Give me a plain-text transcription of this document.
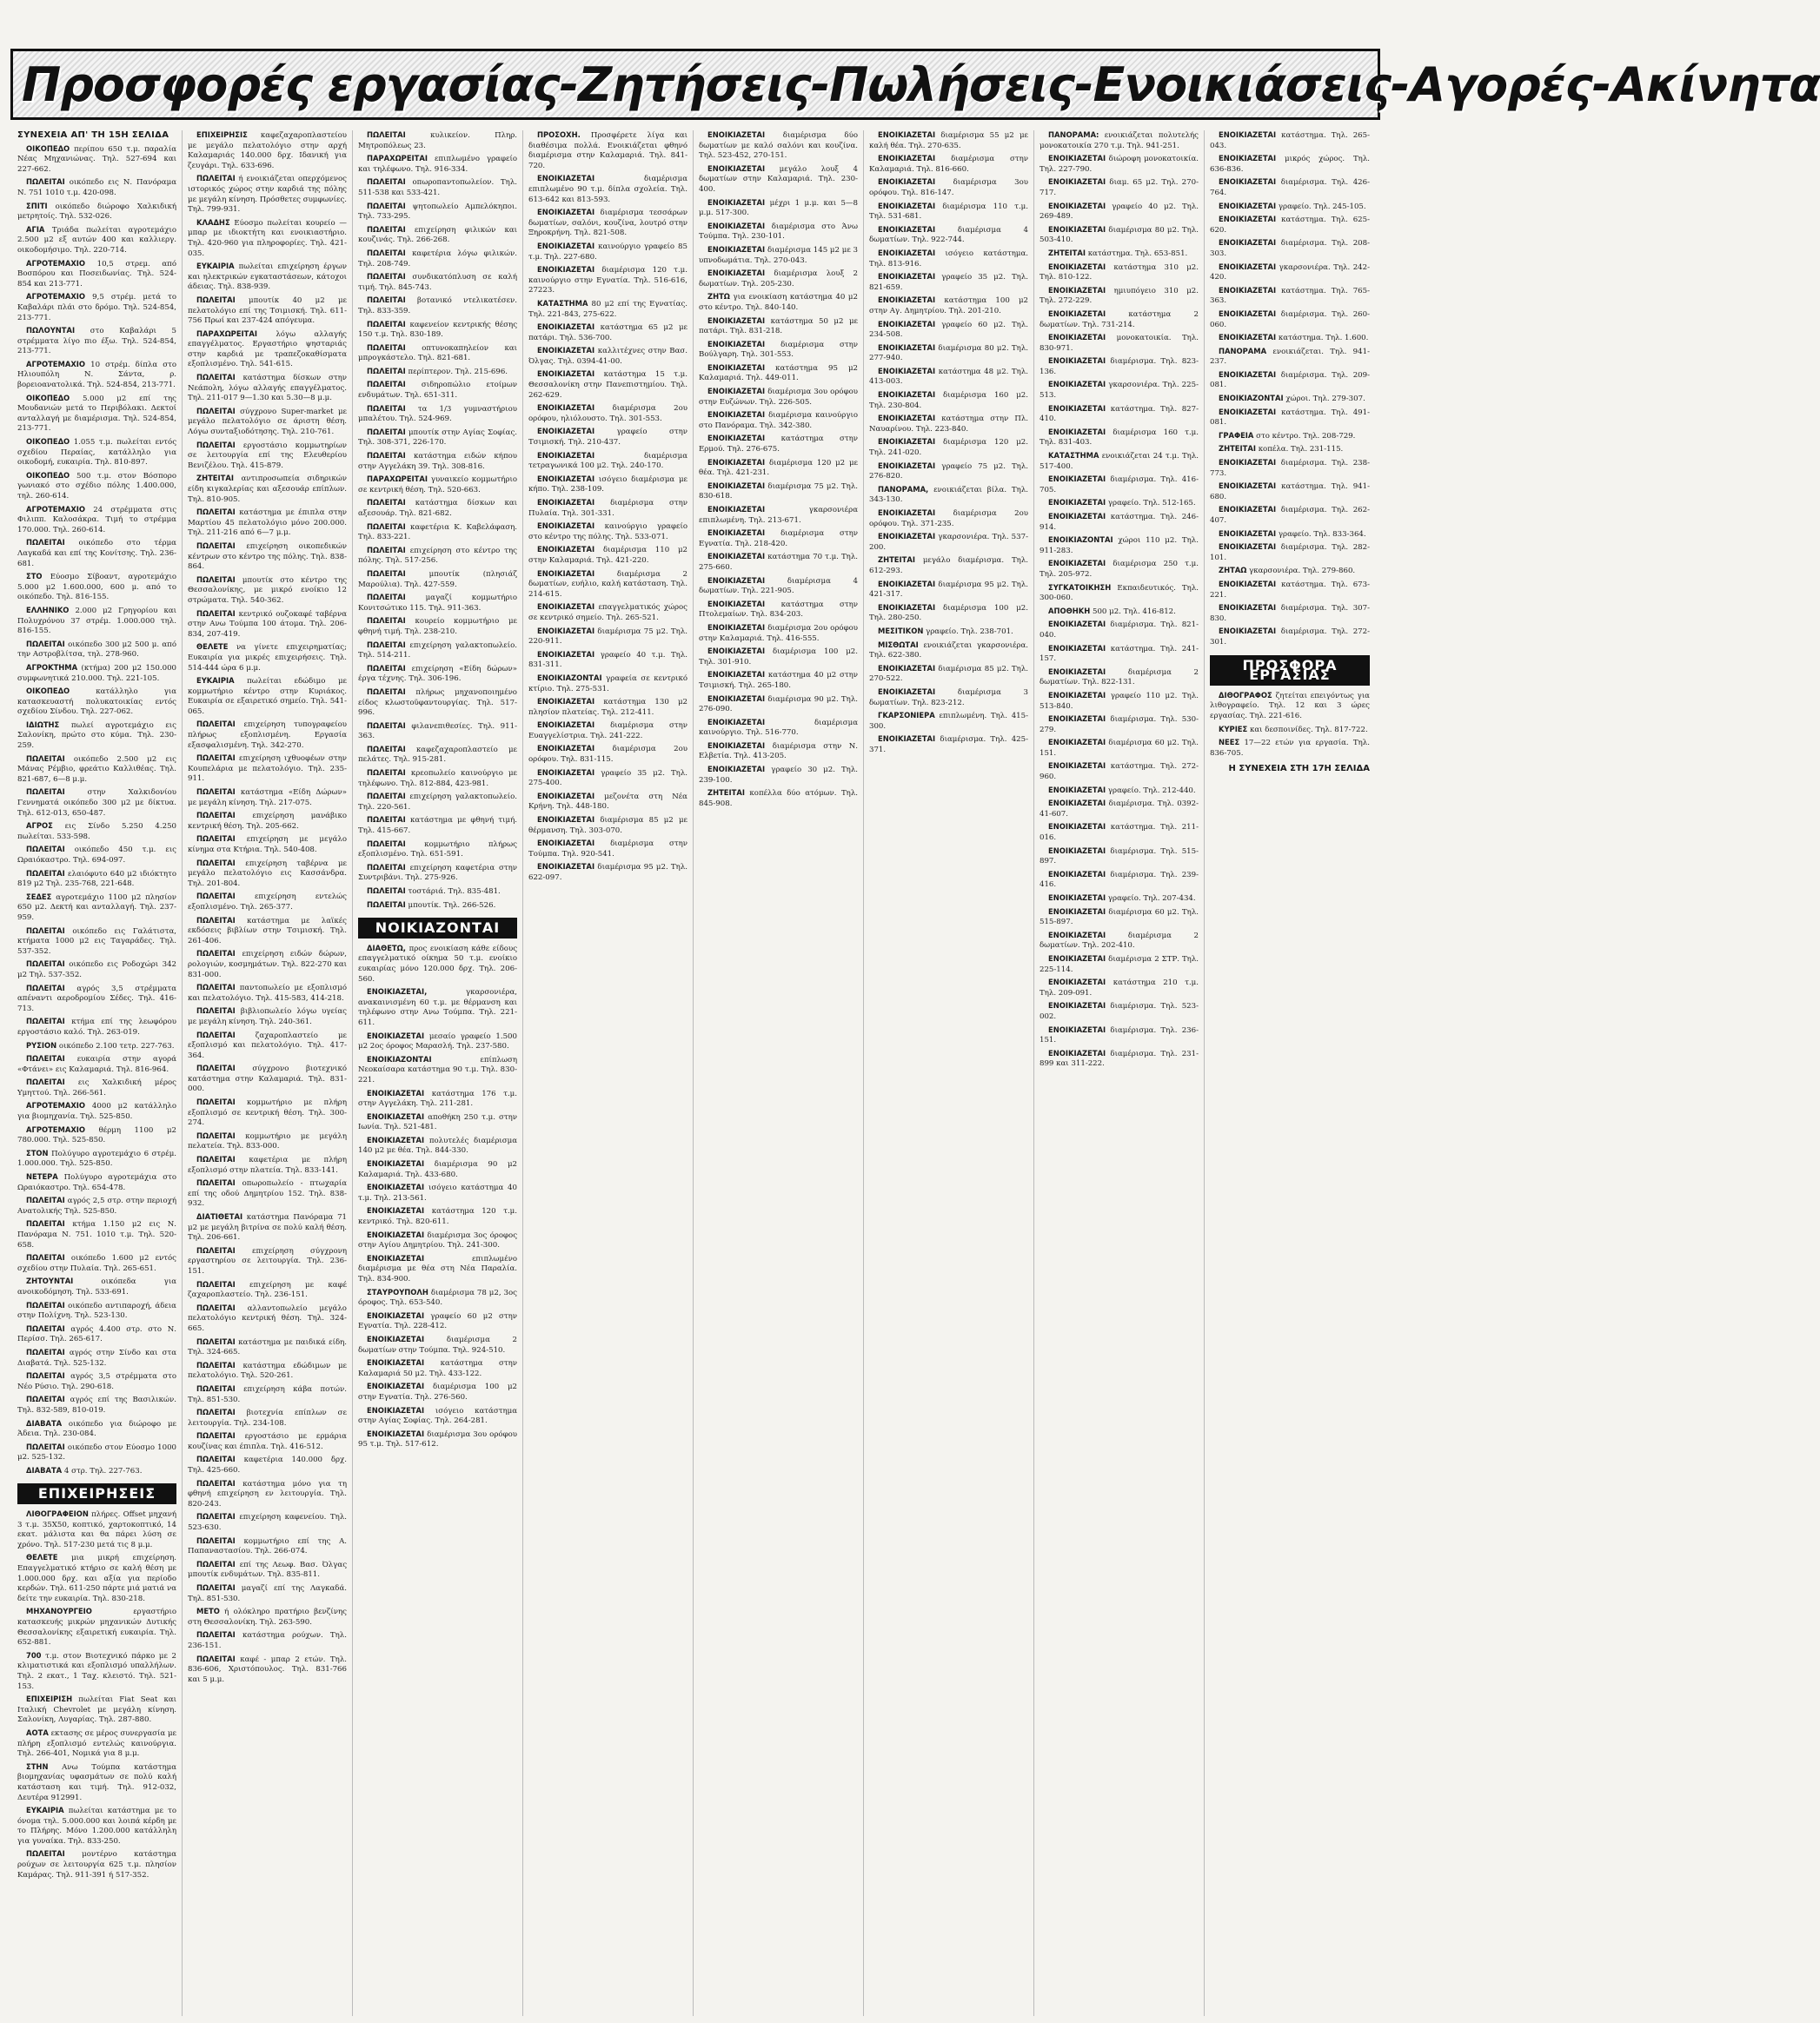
Προσφορές εργασίας-Ζητήσεις-Πωλήσεις-Ενοικιάσεις-Αγορές-Ακίνητα
ΣΥΝΕΧΕΙΑ ΑΠ' ΤΗ 15Η ΣΕΛΙΔΑ

ΟΙΚΟΠΕΔΟ περίπου 650 τ.μ. παραλία Νέας Μηχανιώνας. Τηλ. 527-694 και 227-662.

ΠΩΛΕΙΤΑΙ οικόπεδο εις Ν. Πανόραμα Ν. 751 1010 τ.μ. 420-098.

ΣΠΙΤΙ οικόπεδο διώροφο Χαλκιδική μετρητοίς. Τηλ. 532-026.

ΑΓΙΑ Τριάδα πωλείται αγροτεμάχιο 2.500 μ2 εξ αυτών 400 και καλλιεργ. οικοδομήσιμο. Τηλ. 220-714.

ΑΓΡΟΤΕΜΑΧΙΟ 10,5 στρεμ. από Βοσπόρου και Ποσειδωνίας. Τηλ. 524-854 και 213-771.

ΑΓΡΟΤΕΜΑΧΙΟ 9,5 στρέμ. μετά το Καβαλάρι πλάι στο δρόμο. Τηλ. 524-854, 213-771.

ΠΩΛΟΥΝΤΑΙ στο Καβαλάρι 5 στρέμματα λίγο πιο έξω. Τηλ. 524-854, 213-771.

ΑΓΡΟΤΕΜΑΧΙΟ 10 στρέμ. δίπλα στο Ηλιουπόλη Ν. Σάντα, ρ. βορειοανατολικά. Τηλ. 524-854, 213-771.

ΟΙΚΟΠΕΔΟ 5.000 μ2 επί της Μουδανιών μετά το Περιβόλακι. Δεκτοί ανταλλαγή με διαμέρισμα. Τηλ. 524-854, 213-771.

ΟΙΚΟΠΕΔΟ 1.055 τ.μ. πωλείται εντός σχεδίου Περαίας, κατάλληλο για οικοδομή, ευκαιρία. Τηλ. 810-897.

ΟΙΚΟΠΕΔΟ 500 τ.μ. στον Βόσπορο γωνιακό στο σχέδιο πόλης 1.400.000, τηλ. 260-614.

ΑΓΡΟΤΕΜΑΧΙΟ 24 στρέμματα στις Φιλιππ. Καλοσάκρα. Τιμή το στρέμμα 170.000. Τηλ. 260-614.

ΠΩΛΕΙΤΑΙ οικόπεδο στο τέρμα Λαγκαδά και επί της Κονίτσης. Τηλ. 236-681.

ΣΤΟ Εύοσμο Σίβοαντ, αγροτεμάχιο 5.000 μ2 1.600.000, 600 μ. από το οικόπεδο. Τηλ. 816-155.

ΕΛΛΗΝΙΚΟ 2.000 μ2 Γρηγορίου και Πολυχρόνου 37 στρέμ. 1.000.000 τηλ. 816-155.

ΠΩΛΕΙΤΑΙ οικόπεδο 300 μ2 500 μ. από την Αστροβλίτσα, τηλ. 278-960.

ΑΓΡΟΚΤΗΜΑ (κτήμα) 200 μ2 150.000 συμφωνητικά 210.000. Τηλ. 221-105.

ΟΙΚΟΠΕΔΟ	κατάλληλο για κατασκευαστή πολυκατοικίας εντός σχεδίου Σίνδου. Τηλ. 227-062.

ΙΔΙΩΤΗΣ πωλεί αγροτεμάχιο εις Σαλονίκη, πρώτο στο κύμα. Τηλ. 230-259.

ΠΩΛΕΙΤΑΙ οικόπεδο 2.500 μ2 εις Μάνας Ρέμβιο, φρεάτιο Καλλιθέας. Τηλ. 821-687, 6—8 μ.μ.

ΠΩΛΕΙΤΑΙ	στην Χαλκιδονίου Γεννηματά οικόπεδο 300 μ2 με δίκτυα. Τηλ. 612-013, 650-487.

ΑΓΡΟΣ εις Σίνδο 5.250 4.250 πωλείται. 533-598.

ΠΩΛΕΙΤΑΙ οικόπεδο 450 τ.μ. εις Ωραιόκαστρο. Τηλ. 694-097.

ΠΩΛΕΙΤΑΙ ελαιόφυτο 640 μ2 ιδιόκτητο 819 μ2 Τηλ. 235-768, 221-648.

ΣΕΔΕΣ αγροτεμάχιο 1100 μ2 πλησίον 650 μ2. Δεκτή και ανταλλαγή. Τηλ. 237-959.

ΠΩΛΕΙΤΑΙ οικόπεδο εις Γαλάτιστα, κτήματα 1000 μ2 εις Ταγαράδες. Τηλ. 537-352.

ΠΩΛΕΙΤΑΙ οικόπεδο εις Ροδοχώρι 342 μ2 Τηλ. 537-352.

ΠΩΛΕΙΤΑΙ αγρός 3,5 στρέμματα απέναντι αεροδρομίου Σέδες. Τηλ. 416-713.

ΠΩΛΕΙΤΑΙ κτήμα επί της λεωφόρου εργοστάσιο καλό. Τηλ. 263-019.

ΡΥΣΙΟΝ οικόπεδο 2.100 τετρ. 227-763.

ΠΩΛΕΙΤΑΙ ευκαιρία στην αγορά «Φτάνει» εις Καλαμαριά. Τηλ. 816-964.

ΠΩΛΕΙΤΑΙ εις Χαλκιδική μέρος Υμηττού. Τηλ. 266-561.

ΑΓΡΟΤΕΜΑΧΙΟ 4000 μ2 κατάλληλο για βιομηχανία. Τηλ. 525-850.

ΑΓΡΟΤΕΜΑΧΙΟ θέρμη 1100 μ2 780.000. Τηλ. 525-850.

ΣΤΟΝ Πολύγυρο αγροτεμάχιο 6 στρέμ. 1.000.000. Τηλ. 525-850.

ΝΕΤΕΡΑ Πολύγυρο αγροτεμάχια στο Ωραιόκαστρο. Τηλ. 654-478.

ΠΩΛΕΙΤΑΙ αγρός 2,5 στρ. στην περιοχή Ανατολικής Τηλ. 525-850.

ΠΩΛΕΙΤΑΙ κτήμα 1.150 μ2 εις Ν. Πανόραμα Ν. 751. 1010 τ.μ. Τηλ. 520-658.

ΠΩΛΕΙΤΑΙ οικόπεδο 1.600 μ2 εντός σχεδίου στην Πυλαία. Τηλ. 265-651.

ΖΗΤΟΥΝΤΑΙ	οικόπεδα για ανοικοδόμηση. Τηλ. 533-691.

ΠΩΛΕΙΤΑΙ οικόπεδο αντιπαροχή, άδεια στην Πολίχνη. Τηλ. 523-130.

ΠΩΛΕΙΤΑΙ αγρός 4.400 στρ. στο Ν. Περίσσ. Τηλ. 265-617.

ΠΩΛΕΙΤΑΙ αγρός στην Σίνδο και στα Διαβατά. Τηλ. 525-132.

ΠΩΛΕΙΤΑΙ αγρός 3,5 στρέμματα στο Νέο Ρύσιο. Τηλ. 290-618.

ΠΩΛΕΙΤΑΙ αγρός επί της Βασιλικών. Τηλ. 832-589, 810-019.

ΔΙΑΒΑΤΑ οικόπεδο για διώροφο με Άδεια. Τηλ. 230-084.

ΠΩΛΕΙΤΑΙ οικόπεδο στον Εύοσμο 1000 μ2. 525-132.

ΔΙΑΒΑΤΑ 4 στρ. Τηλ. 227-763.

ΕΠΙΧΕΙΡΗΣΕΙΣ

ΛΙΘΟΓΡΑΦΕΙΟΝ πλήρες. Offset μηχανή 3 τ.μ. 35Χ50, κοπτικό, χαρτοκοπτικό, 14 εκατ. μάλιστα και θα πάρει λύση σε χρόνο. Τηλ. 517-230 μετά τις 8 μ.μ.

ΘΕΛΕΤΕ μια μικρή επιχείρηση. Επαγγελματικό κτήριο σε καλή θέση με 1.000.000 δρχ. και αξία για περίοδο κερδών. Τηλ. 611-250 πάρτε μιά ματιά να δείτε την ευκαιρία. Τηλ. 830-218.

ΜΗΧΑΝΟΥΡΓΕΙΟ	εργαστήριο κατασκευής μικρών μηχανικών Δυτικής Θεσσαλονίκης εξαιρετική ευκαιρία. Τηλ. 652-881.

700 τ.μ. στον Βιοτεχνικό πάρκο με 2 κλιματιστικά και εξοπλισμό υπαλλήλων. Τηλ. 2 εκατ., 1 Ταχ. κλειστό. Τηλ. 521-153.

ΕΠΙΧΕΙΡΙΣΗ πωλείται Fiat Seat και Ιταλική Chevrolet με μεγάλη κίνηση. Σαλονίκη, Λυγαρίας. Τηλ. 287-880.

ΑΟΤΑ εκτασης σε μέρος συνεργασία με πλήρη εξοπλισμό εντελώς καινούργια. Τηλ. 266-401, Νομικά για 8 μ.μ.

ΣΤΗΝ Ανω Τούμπα κατάστημα βιομηχανίας υφασμάτων σε πολύ καλή κατάσταση και τιμή. Τηλ. 912-032, Δευτέρα 912991.

ΕΥΚΑΙΡΙΑ πωλείται κατάστημα με το όνομα τηλ. 5.000.000 και λοιπά κέρδη με το Πλήρης. Μόνο 1.200.000 κατάλληλη για γυναίκα. Τηλ. 833-250.

ΠΩΛΕΙΤΑΙ μοντέρνο κατάστημα ρούχων σε λειτουργία 625 τ.μ. πλησίον Καμάρας. Τηλ. 911-391 ή 517-352.

ΕΠΙΧΕΙΡΗΣΙΣ καφεζαχαροπλαστείου με μεγάλο πελατολόγιο στην αρχή Καλαμαριάς 140.000 δρχ. Ιδανική για ζευγάρι. Τηλ. 633-696.

ΠΩΛΕΙΤΑΙ ή ενοικιάζεται οπερχόμενος ιστορικός χώρος στην καρδιά της πόλης με μεγάλη κίνηση. Πρόσθετες συμφωνίες. Τηλ. 799-931.

ΚΛΑΔΗΣ Εύοσμο πωλείται κουρείο — μπαρ με ιδιοκτήτη και ενοικιαστήριο. Τηλ. 420-960 για πληροφορίες. Τηλ. 421-035.

ΕΥΚΑΙΡΙΑ πωλείται επιχείρηση έργων και ηλεκτρικών εγκαταστάσεων, κάτοχοι άδειας. Τηλ. 838-939.

ΠΩΛΕΙΤΑΙ μπουτίκ 40 μ2 με πελατολόγιο επί της Τσιμισκή. Τηλ. 611-756 Πρωί και 237-424 απόγευμα.

ΠΑΡΑΧΩΡΕΙΤΑΙ λόγω αλλαγής επαγγέλματος. Εργαστήριο ψησταριάς στην καρδιά με τραπεζοκαθίσματα εξοπλισμένο. Τηλ. 541-615.

ΠΩΛΕΙΤΑΙ κατάστημα δίσκων στην Νεάπολη, λόγω αλλαγής επαγγέλματος. Τηλ. 211-017 9—1.30 και 5.30—8 μ.μ.

ΠΩΛΕΙΤΑΙ σύγχρονο Super-market με μεγάλο πελατολόγιο σε άριστη θέση. Λόγω συνταξιοδότησης. Τηλ. 210-761.

ΠΩΛΕΙΤΑΙ εργοστάσιο κομμωτηρίων σε λειτουργία επί της Ελευθερίου Βενιζέλου. Τηλ. 415-879.

ΖΗΤΕΙΤΑΙ αντιπροσωπεία σιδηρικών είδη κιγκαλερίας και αξεσουάρ επίπλων. Τηλ. 810-905.

ΠΩΛΕΙΤΑΙ κατάστημα με έπιπλα στην Μαρτίου 45 πελατολόγιο μόνο 200.000. Τηλ. 211-216 από 6—7 μ.μ.

ΠΩΛΕΙΤΑΙ επιχείρηση οικοπεδικών κέντρων στο κέντρο της πόλης. Τηλ. 838-864.

ΠΩΛΕΙΤΑΙ μπουτίκ στο κέντρο της Θεσσαλονίκης, με μικρό ενοίκιο 12 στρώματα. Τηλ. 540-362.

ΠΩΛΕΙΤΑΙ κεντρικό ουζοκαφέ ταβέρνα στην Ανω Τούμπα 100 άτομα. Τηλ. 206-834, 207-419.

ΘΕΛΕΤΕ να γίνετε επιχειρηματίας; Ευκαιρία για μικρές επιχειρήσεις. Τηλ. 514-444 ώρα 6 μ.μ.

ΕΥΚΑΙΡΙΑ πωλείται εδώδιμο με κομμωτήριο κέντρο στην Κυριάκος. Ευκαιρία σε εξαιρετικό σημείο. Τηλ. 541-065.

ΠΩΛΕΙΤΑΙ επιχείρηση τυπογραφείου πλήρως εξοπλισμένη. Εργασία εξασφαλισμένη. Τηλ. 342-270.

ΠΩΛΕΙΤΑΙ επιχείρηση ιχθυοφέων στην Κουπελάρια με πελατολόγιο. Τηλ. 235-911.

ΠΩΛΕΙΤΑΙ κατάστημα «Είδη Δώρων» με μεγάλη κίνηση. Τηλ. 217-075.

ΠΩΛΕΙΤΑΙ επιχείρηση μανάβικο κεντρική θέση. Τηλ. 205-662.

ΠΩΛΕΙΤΑΙ επιχείρηση με μεγάλο κίνημα στα Κτήρια. Τηλ. 540-408.

ΠΩΛΕΙΤΑΙ επιχείρηση ταβέρνα με μεγάλο πελατολόγιο εις Κασσάνδρα. Τηλ. 201-804.

ΠΩΛΕΙΤΑΙ	επιχείρηση εντελώς εξοπλισμένο. Τηλ. 265-377.

ΠΩΛΕΙΤΑΙ κατάστημα με λαϊκές εκδόσεις βιβλίων στην Τσιμισκή. Τηλ. 261-406.

ΠΩΛΕΙΤΑΙ επιχείρηση ειδών δώρων, ρολογιών, κοσμημάτων. Τηλ. 822-270 και 831-000.

ΠΩΛΕΙΤΑΙ παντοπωλείο με εξοπλισμό και πελατολόγιο. Τηλ. 415-583, 414-218.

ΠΩΛΕΙΤΑΙ βιβλιοπωλείο λόγω υγείας με μεγάλη κίνηση. Τηλ. 240-361.

ΠΩΛΕΙΤΑΙ	ζαχαροπλαστείο με εξοπλισμό και πελατολόγιο. Τηλ. 417-364.

ΠΩΛΕΙΤΑΙ σύγχρονο βιοτεχνικό κατάστημα στην Καλαμαριά. Τηλ. 831-000.

ΠΩΛΕΙΤΑΙ κομμωτήριο με πλήρη εξοπλισμό σε κεντρική θέση. Τηλ. 300-274.

ΠΩΛΕΙΤΑΙ κομμωτήριο με μεγάλη πελατεία. Τηλ. 833-000.

ΠΩΛΕΙΤΑΙ καφετέρια με πλήρη εξοπλισμό στην πλατεία. Τηλ. 833-141.

ΠΩΛΕΙΤΑΙ οπωροπωλείο - πτωχαρία επί της οδού Δημητρίου 152. Τηλ. 838-932.

ΔΙΑΤΙΘΕΤΑΙ κατάστημα Πανόραμα 71 μ2 με μεγάλη βιτρίνα σε πολύ καλή θέση. Τηλ. 206-661.

ΠΩΛΕΙΤΑΙ επιχείρηση σύγχρονη εργαστηρίου σε λειτουργία. Τηλ. 236-151.

ΠΩΛΕΙΤΑΙ επιχείρηση με καφέ ζαχαροπλαστείο. Τηλ. 236-151.

ΠΩΛΕΙΤΑΙ αλλαντοπωλείο μεγάλο πελατολόγιο κεντρική θέση. Τηλ. 324-665.

ΠΩΛΕΙΤΑΙ κατάστημα με παιδικά είδη. Τηλ. 324-665.

ΠΩΛΕΙΤΑΙ κατάστημα εδώδιμων με πελατολόγιο. Τηλ. 520-261.

ΠΩΛΕΙΤΑΙ επιχείρηση κάβα ποτών. Τηλ. 851-530.

ΠΩΛΕΙΤΑΙ βιοτεχνία επίπλων σε λειτουργία. Τηλ. 234-108.

ΠΩΛΕΙΤΑΙ εργοστάσιο με ερμάρια κουζίνας και έπιπλα. Τηλ. 416-512.

ΠΩΛΕΙΤΑΙ καφετέρια 140.000 δρχ. Τηλ. 425-660.

ΠΩΛΕΙΤΑΙ κατάστημα μόνο για τη φθηνή επιχείρηση εν λειτουργία. Τηλ. 820-243.

ΠΩΛΕΙΤΑΙ επιχείρηση καφενείου. Τηλ. 523-630.

ΠΩΛΕΙΤΑΙ κομμωτήριο επί της Α. Παπαναστασίου. Τηλ. 266-074.

ΠΩΛΕΙΤΑΙ επί της Λεωφ. Βασ. Όλγας μπουτίκ ενδυμάτων. Τηλ. 835-811.

ΠΩΛΕΙΤΑΙ μαγαζί επί της Λαγκαδά. Τηλ. 851-530.

ΜΕΤΟ ή ολόκληρο πρατήριο βενζίνης στη Θεσσαλονίκη. Τηλ. 263-590.

ΠΩΛΕΙΤΑΙ κατάστημα ρούχων. Τηλ. 236-151.

ΠΩΛΕΙΤΑΙ καφέ - μπαρ 2 ετών. Τηλ. 836-606, Χριστόπουλος. Τηλ. 831-766 και 5 μ.μ.

ΠΩΛΕΙΤΑΙ	κυλικείον. Πληρ. Μητροπόλεως 23.

ΠΑΡΑΧΩΡΕΙΤΑΙ επιπλωμένο γραφείο και τηλέφωνο. Τηλ. 916-334.

ΠΩΛΕΙΤΑΙ οπωροπαντοπωλείον. Τηλ. 511-538 και 533-421.

ΠΩΛΕΙΤΑΙ ψητοπωλείο Αμπελόκηποι. Τηλ. 733-295.

ΠΩΛΕΙΤΑΙ επιχείρηση φιλικών και κουζινάς. Τηλ. 266-268.

ΠΩΛΕΙΤΑΙ καφετέρια λόγω φιλικών. Τηλ. 208-749.

ΠΩΛΕΙΤΑΙ συνδικατόπλυση σε καλή τιμή. Τηλ. 845-743.

ΠΩΛΕΙΤΑΙ βοτανικό ντελικατέσεν. Τηλ. 833-359.

ΠΩΛΕΙΤΑΙ καφενείον κεντρικής θέσης 150 τ.μ. Τηλ. 830-189.

ΠΩΛΕΙΤΑΙ οπτυνοκαπηλείον και μπρογκάστελο. Τηλ. 821-681.

ΠΩΛΕΙΤΑΙ περίπτερον. Τηλ. 215-696.

ΠΩΛΕΙΤΑΙ σιδηροπώλιο ετοίμων ενδυμάτων. Τηλ. 651-311.

ΠΩΛΕΙΤΑΙ τα 1/3 γυμναστήριου μπαλέτου. Τηλ. 524-969.

ΠΩΛΕΙΤΑΙ μπουτίκ στην Αγίας Σοφίας. Τηλ. 308-371, 226-170.

ΠΩΛΕΙΤΑΙ κατάστημα ειδών κήπου στην Αγγελάκη 39. Τηλ. 308-816.

ΠΑΡΑΧΩΡΕΙΤΑΙ γυναικείο κομμωτήριο σε κεντρική θέση. Τηλ. 520-663.

ΠΩΛΕΙΤΑΙ κατάστημα δίσκων και αξεσουάρ. Τηλ. 821-682.

ΠΩΛΕΙΤΑΙ καφετέρια Κ. Καβελάφαση. Τηλ. 833-221.

ΠΩΛΕΙΤΑΙ επιχείρηση στο κέντρο της πόλης. Τηλ. 517-256.

ΠΩΛΕΙΤΑΙ	μπουτίκ (πλησιάζ Μαρούλια). Τηλ. 427-559.

ΠΩΛΕΙΤΑΙ	μαγαζί κομμωτήριο Κονιτσώτικο 115. Τηλ. 911-363.

ΠΩΛΕΙΤΑΙ κουρείο κομμωτήριο με φθηνή τιμή. Τηλ. 238-210.

ΠΩΛΕΙΤΑΙ επιχείρηση γαλακτοπωλείο. Τηλ. 514-211.

ΠΩΛΕΙΤΑΙ επιχείρηση «Είδη δώρων» έργα τέχνης. Τηλ. 306-196.

ΠΩΛΕΙΤΑΙ πλήρως μηχανοποιημένο είδος κλωστοϋφαντουργίας. Τηλ. 517-996.

ΠΩΛΕΙΤΑΙ φιλανεπιθεσίες. Τηλ. 911-363.

ΠΩΛΕΙΤΑΙ καφεζαχαροπλαστείο με πελάτες. Τηλ. 915-281.

ΠΩΛΕΙΤΑΙ κρεοπωλείο καινούργιο με τηλέφωνο. Τηλ. 812-884, 423-981.

ΠΩΛΕΙΤΑΙ επιχείρηση γαλακτοπωλείο. Τηλ. 220-561.

ΠΩΛΕΙΤΑΙ κατάστημα με φθηνή τιμή. Τηλ. 415-667.

ΠΩΛΕΙΤΑΙ κομμωτήριο πλήρως εξοπλισμένο. Τηλ. 651-591.

ΠΩΛΕΙΤΑΙ επιχείρηση καφετέρια στην Συντριβάνι. Τηλ. 275-926.

ΠΩΛΕΙΤΑΙ τοστάριά. Τηλ. 835-481.

ΠΩΛΕΙΤΑΙ μπουτίκ. Τηλ. 266-526.

ΝΟΙΚΙΑΖΟΝΤΑΙ

ΔΙΑΘΕΤΩ, προς ενοικίαση κάθε είδους επαγγελματικό οίκημα 50 τ.μ. ενοίκιο ευκαιρίας μόνο 120.000 δρχ. Τηλ. 206-560.

ΕΝΟΙΚΙΑΖΕΤΑΙ,	γκαρσονιέρα, ανακαινισμένη 60 τ.μ. με θέρμανση και τηλέφωνο στην Ανω Τούμπα. Τηλ. 221-611.

ΕΝΟΙΚΙΑΖΕΤΑΙ μεσαίο γραφείο 1.500 μ2 2ος όροφος Μαρασλή. Τηλ. 237-580.

ΕΝΟΙΚΙΑΖΟΝΤΑΙ	επίπλωση Νεοκαίσαρα κατάστημα 90 τ.μ. Τηλ. 830-221.

ΕΝΟΙΚΙΑΖΕΤΑΙ κατάστημα 176 τ.μ. στην Αγγελάκη. Τηλ. 211-281.

ΕΝΟΙΚΙΑΖΕΤΑΙ αποθήκη 250 τ.μ. στην Ιωνία. Τηλ. 521-481.

ΕΝΟΙΚΙΑΖΕΤΑΙ πολυτελές διαμέρισμα 140 μ2 με θέα. Τηλ. 844-330.

ΕΝΟΙΚΙΑΖΕΤΑΙ διαμέρισμα 90 μ2 Καλαμαριά. Τηλ. 433-680.

ΕΝΟΙΚΙΑΖΕΤΑΙ ισόγειο κατάστημα 40 τ.μ. Τηλ. 213-561.

ΕΝΟΙΚΙΑΖΕΤΑΙ κατάστημα 120 τ.μ. κεντρικό. Τηλ. 820-611.

ΕΝΟΙΚΙΑΖΕΤΑΙ διαμέρισμα 3ος όροφος στην Αγίου Δημητρίου. Τηλ. 241-300.

ΕΝΟΙΚΙΑΖΕΤΑΙ	επιπλωμένο διαμέρισμα με θέα στη Νέα Παραλία. Τηλ. 834-900.

ΣΤΑΥΡΟΥΠΟΛΗ διαμέρισμα 78 μ2, 3ος όροφος. Τηλ. 653-540.

ΕΝΟΙΚΙΑΖΕΤΑΙ γραφείο 60 μ2 στην Εγνατία. Τηλ. 228-412.

ΕΝΟΙΚΙΑΖΕΤΑΙ	διαμέρισμα 2 δωματίων στην Τούμπα. Τηλ. 924-510.

ΕΝΟΙΚΙΑΖΕΤΑΙ κατάστημα στην Καλαμαριά 50 μ2. Τηλ. 433-122.

ΕΝΟΙΚΙΑΖΕΤΑΙ διαμέρισμα 100 μ2 στην Εγνατία. Τηλ. 276-560.

ΕΝΟΙΚΙΑΖΕΤΑΙ ισόγειο κατάστημα στην Αγίας Σοφίας. Τηλ. 264-281.

ΕΝΟΙΚΙΑΖΕΤΑΙ διαμέρισμα 3ου ορόφου 95 τ.μ. Τηλ. 517-612.

ΠΡΟΣΟΧΗ. Προσφέρετε λίγα και διαθέσιμα πολλά. Ενοικιάζεται φθηνό διαμέρισμα στην Καλαμαριά. Τηλ. 841-720.

ΕΝΟΙΚΙΑΖΕΤΑΙ	διαμέρισμα επιπλωμένο 90 τ.μ. δίπλα σχολεία. Τηλ. 613-642 και 813-593.

ΕΝΟΙΚΙΑΖΕΤΑΙ διαμέρισμα τεσσάρων δωματίων, σαλόνι, κουζίνα, λουτρό στην Ξηροκρήνη. Τηλ. 821-508.

ΕΝΟΙΚΙΑΖΕΤΑΙ καινούργιο γραφείο 85 τ.μ. Τηλ. 227-680.

ΕΝΟΙΚΙΑΖΕΤΑΙ διαμέρισμα 120 τ.μ. καινούργιο στην Εγνατία. Τηλ. 516-616, 27223.

ΚΑΤΑΣΤΗΜΑ 80 μ2 επί της Εγνατίας. Τηλ. 221-843, 275-622.

ΕΝΟΙΚΙΑΖΕΤΑΙ κατάστημα 65 μ2 με πατάρι. Τηλ. 536-700.

ΕΝΟΙΚΙΑΖΕΤΑΙ καλλιτέχνες στην Βασ. Όλγας. Τηλ. 0394-41-00.

ΕΝΟΙΚΙΑΖΕΤΑΙ κατάστημα 15 τ.μ. Θεσσαλονίκη στην Πανεπιστημίου. Τηλ. 262-629.

ΕΝΟΙΚΙΑΖΕΤΑΙ διαμέρισμα 2ου ορόφου, ηλιόλουστο. Τηλ. 301-553.

ΕΝΟΙΚΙΑΖΕΤΑΙ	γραφείο στην Τσιμισκή. Τηλ. 210-437.

ΕΝΟΙΚΙΑΖΕΤΑΙ	διαμέρισμα τετραγωνικά 100 μ2. Τηλ. 240-170.

ΕΝΟΙΚΙΑΖΕΤΑΙ ισόγειο διαμέρισμα με κήπο. Τηλ. 238-109.

ΕΝΟΙΚΙΑΖΕΤΑΙ διαμέρισμα στην Πυλαία. Τηλ. 301-331.

ΕΝΟΙΚΙΑΖΕΤΑΙ καινούργιο γραφείο στο κέντρο της πόλης. Τηλ. 533-071.

ΕΝΟΙΚΙΑΖΕΤΑΙ διαμέρισμα 110 μ2 στην Καλαμαριά. Τηλ. 421-220.

ΕΝΟΙΚΙΑΖΕΤΑΙ	διαμέρισμα 2 δωματίων, ευήλιο, καλή κατάσταση. Τηλ. 214-615.

ΕΝΟΙΚΙΑΖΕΤΑΙ επαγγελματικός χώρος σε κεντρικό σημείο. Τηλ. 265-521.

ΕΝΟΙΚΙΑΖΕΤΑΙ διαμέρισμα 75 μ2. Τηλ. 220-911.

ΕΝΟΙΚΙΑΖΕΤΑΙ γραφείο 40 τ.μ. Τηλ. 831-311.

ΕΝΟΙΚΙΑΖΟΝΤΑΙ γραφεία σε κεντρικό κτίριο. Τηλ. 275-531.

ΕΝΟΙΚΙΑΖΕΤΑΙ κατάστημα 130 μ2 πλησίον πλατείας. Τηλ. 212-411.

ΕΝΟΙΚΙΑΖΕΤΑΙ διαμέρισμα στην Ευαγγελίστρια. Τηλ. 241-222.

ΕΝΟΙΚΙΑΖΕΤΑΙ διαμέρισμα 2ου ορόφου. Τηλ. 831-115.

ΕΝΟΙΚΙΑΖΕΤΑΙ γραφείο 35 μ2. Τηλ. 275-400.

ΕΝΟΙΚΙΑΖΕΤΑΙ μεζονέτα στη Νέα Κρήνη. Τηλ. 448-180.

ΕΝΟΙΚΙΑΖΕΤΑΙ διαμέρισμα 85 μ2 με θέρμανση. Τηλ. 303-070.

ΕΝΟΙΚΙΑΖΕΤΑΙ διαμέρισμα στην Τούμπα. Τηλ. 920-541.

ΕΝΟΙΚΙΑΖΕΤΑΙ διαμέρισμα 95 μ2. Τηλ. 622-097.

ΕΝΟΙΚΙΑΖΕΤΑΙ διαμέρισμα δύο δωματίων με καλό σαλόνι και κουζίνα. Τηλ. 523-452, 270-151.

ΕΝΟΙΚΙΑΖΕΤΑΙ μεγάλο λουξ 4 δωματίων στην Καλαμαριά. Τηλ. 230-400.

ΕΝΟΙΚΙΑΖΕΤΑΙ μέχρι 1 μ.μ. και 5—8 μ.μ. 517-300.

ΕΝΟΙΚΙΑΖΕΤΑΙ διαμέρισμα στο Άνω Τούμπα. Τηλ. 230-101.

ΕΝΟΙΚΙΑΖΕΤΑΙ διαμέρισμα 145 μ2 με 3 υπνοδωμάτια. Τηλ. 270-043.

ΕΝΟΙΚΙΑΖΕΤΑΙ διαμέρισμα λουξ 2 δωματίων. Τηλ. 205-230.

ΖΗΤΩ για ενοικίαση κατάστημα 40 μ2 στο κέντρο. Τηλ. 840-140.

ΕΝΟΙΚΙΑΖΕΤΑΙ κατάστημα 50 μ2 με πατάρι. Τηλ. 831-218.

ΕΝΟΙΚΙΑΖΕΤΑΙ διαμέρισμα στην Βούλγαρη. Τηλ. 301-553.

ΕΝΟΙΚΙΑΖΕΤΑΙ κατάστημα 95 μ2 Καλαμαριά. Τηλ. 449-011.

ΕΝΟΙΚΙΑΖΕΤΑΙ διαμέρισμα 3ου ορόφου στην Ευζώνων. Τηλ. 226-505.

ΕΝΟΙΚΙΑΖΕΤΑΙ διαμέρισμα καινούργιο στο Πανόραμα. Τηλ. 342-380.

ΕΝΟΙΚΙΑΖΕΤΑΙ κατάστημα στην Ερμού. Τηλ. 276-675.

ΕΝΟΙΚΙΑΖΕΤΑΙ διαμέρισμα 120 μ2 με θέα. Τηλ. 421-231.

ΕΝΟΙΚΙΑΖΕΤΑΙ διαμέρισμα 75 μ2. Τηλ. 830-618.

ΕΝΟΙΚΙΑΖΕΤΑΙ	γκαρσονιέρα επιπλωμένη. Τηλ. 213-671.

ΕΝΟΙΚΙΑΖΕΤΑΙ διαμέρισμα στην Εγνατία. Τηλ. 218-420.

ΕΝΟΙΚΙΑΖΕΤΑΙ κατάστημα 70 τ.μ. Τηλ. 275-660.

ΕΝΟΙΚΙΑΖΕΤΑΙ	διαμέρισμα 4 δωματίων. Τηλ. 221-905.

ΕΝΟΙΚΙΑΖΕΤΑΙ κατάστημα στην Πτολεμαίων. Τηλ. 834-203.

ΕΝΟΙΚΙΑΖΕΤΑΙ διαμέρισμα 2ου ορόφου στην Καλαμαριά. Τηλ. 416-555.

ΕΝΟΙΚΙΑΖΕΤΑΙ διαμέρισμα 100 μ2. Τηλ. 301-910.

ΕΝΟΙΚΙΑΖΕΤΑΙ κατάστημα 40 μ2 στην Τσιμισκή. Τηλ. 265-180.

ΕΝΟΙΚΙΑΖΕΤΑΙ διαμέρισμα 90 μ2. Τηλ. 276-090.

ΕΝΟΙΚΙΑΖΕΤΑΙ	διαμέρισμα καινούργιο. Τηλ. 516-770.

ΕΝΟΙΚΙΑΖΕΤΑΙ διαμέρισμα στην Ν. Ελβετία. Τηλ. 413-205.

ΕΝΟΙΚΙΑΖΕΤΑΙ γραφείο 30 μ2. Τηλ. 239-100.

ΖΗΤΕΙΤΑΙ κοπέλλα δύο ατόμων. Τηλ. 845-908.

ΕΝΟΙΚΙΑΖΕΤΑΙ διαμέρισμα 55 μ2 με καλή θέα. Τηλ. 270-635.

ΕΝΟΙΚΙΑΖΕΤΑΙ διαμέρισμα στην Καλαμαριά. Τηλ. 816-660.

ΕΝΟΙΚΙΑΖΕΤΑΙ διαμέρισμα 3ου ορόφου. Τηλ. 816-147.

ΕΝΟΙΚΙΑΖΕΤΑΙ διαμέρισμα 110 τ.μ. Τηλ. 531-681.

ΕΝΟΙΚΙΑΖΕΤΑΙ	διαμέρισμα 4 δωματίων. Τηλ. 922-744.

ΕΝΟΙΚΙΑΖΕΤΑΙ ισόγειο κατάστημα. Τηλ. 813-916.

ΕΝΟΙΚΙΑΖΕΤΑΙ γραφείο 35 μ2. Τηλ. 821-659.

ΕΝΟΙΚΙΑΖΕΤΑΙ κατάστημα 100 μ2 στην Αγ. Δημητρίου. Τηλ. 201-210.

ΕΝΟΙΚΙΑΖΕΤΑΙ γραφείο 60 μ2. Τηλ. 234-508.

ΕΝΟΙΚΙΑΖΕΤΑΙ διαμέρισμα 80 μ2. Τηλ. 277-940.

ΕΝΟΙΚΙΑΖΕΤΑΙ κατάστημα 48 μ2. Τηλ. 413-003.

ΕΝΟΙΚΙΑΖΕΤΑΙ διαμέρισμα 160 μ2. Τηλ. 230-804.

ΕΝΟΙΚΙΑΖΕΤΑΙ κατάστημα στην Πλ. Ναυαρίνου. Τηλ. 223-840.

ΕΝΟΙΚΙΑΖΕΤΑΙ διαμέρισμα 120 μ2. Τηλ. 241-020.

ΕΝΟΙΚΙΑΖΕΤΑΙ γραφείο 75 μ2. Τηλ. 276-820.

ΠΑΝΟΡΑΜΑ, ενοικιάζεται βίλα. Τηλ. 343-130.

ΕΝΟΙΚΙΑΖΕΤΑΙ διαμέρισμα 2ου ορόφου. Τηλ. 371-235.

ΕΝΟΙΚΙΑΖΕΤΑΙ γκαρσονιέρα. Τηλ. 537-200.

ΖΗΤΕΙΤΑΙ μεγάλο διαμέρισμα. Τηλ. 612-293.

ΕΝΟΙΚΙΑΖΕΤΑΙ διαμέρισμα 95 μ2. Τηλ. 421-317.

ΕΝΟΙΚΙΑΖΕΤΑΙ διαμέρισμα 100 μ2. Τηλ. 280-250.

ΜΕΣΙΤΙΚΟΝ γραφείο. Τηλ. 238-701.

ΜΙΣΘΩΤΑΙ ενοικιάζεται γκαρσονιέρα. Τηλ. 622-380.

ΕΝΟΙΚΙΑΖΕΤΑΙ διαμέρισμα 85 μ2. Τηλ. 270-522.

ΕΝΟΙΚΙΑΖΕΤΑΙ	διαμέρισμα 3 δωματίων. Τηλ. 823-212.

ΓΚΑΡΣΟΝΙΕΡΑ επιπλωμένη. Τηλ. 415-300.

ΕΝΟΙΚΙΑΖΕΤΑΙ διαμέρισμα. Τηλ. 425-371.

ΠΑΝΟΡΑΜΑ: ενοικιάζεται πολυτελής μονοκατοικία 270 τ.μ. Τηλ. 941-251.

ΕΝΟΙΚΙΑΖΕΤΑΙ διώροφη μονοκατοικία. Τηλ. 227-790.

ΕΝΟΙΚΙΑΖΕΤΑΙ διαμ. 65 μ2. Τηλ. 270-717.

ΕΝΟΙΚΙΑΖΕΤΑΙ γραφείο 40 μ2. Τηλ. 269-489.

ΕΝΟΙΚΙΑΖΕΤΑΙ διαμέρισμα 80 μ2. Τηλ. 503-410.

ΖΗΤΕΙΤΑΙ κατάστημα. Τηλ. 653-851.

ΕΝΟΙΚΙΑΖΕΤΑΙ κατάστημα 310 μ2. Τηλ. 810-122.

ΕΝΟΙΚΙΑΖΕΤΑΙ ημιυπόγειο 310 μ2. Τηλ. 272-229.

ΕΝΟΙΚΙΑΖΕΤΑΙ	κατάστημα 2 δωματίων. Τηλ. 731-214.

ΕΝΟΙΚΙΑΖΕΤΑΙ μονοκατοικία. Τηλ. 830-971.

ΕΝΟΙΚΙΑΖΕΤΑΙ διαμέρισμα. Τηλ. 823-136.

ΕΝΟΙΚΙΑΖΕΤΑΙ γκαρσονιέρα. Τηλ. 225-513.

ΕΝΟΙΚΙΑΖΕΤΑΙ κατάστημα. Τηλ. 827-410.

ΕΝΟΙΚΙΑΖΕΤΑΙ διαμέρισμα 160 τ.μ. Τηλ. 831-403.

ΚΑΤΑΣΤΗΜΑ ενοικιάζεται 24 τ.μ. Τηλ. 517-400.

ΕΝΟΙΚΙΑΖΕΤΑΙ διαμέρισμα. Τηλ. 416-705.

ΕΝΟΙΚΙΑΖΕΤΑΙ γραφείο. Τηλ. 512-165.

ΕΝΟΙΚΙΑΖΕΤΑΙ κατάστημα. Τηλ. 246-914.

ΕΝΟΙΚΙΑΖΟΝΤΑΙ χώροι 110 μ2. Τηλ. 911-283.

ΕΝΟΙΚΙΑΖΕΤΑΙ διαμέρισμα 250 τ.μ. Τηλ. 205-972.

ΣΥΓΚΑΤΟΙΚΗΣΗ Εκπαιδευτικός. Τηλ. 300-060.

ΑΠΟΘΗΚΗ 500 μ2. Τηλ. 416-812.

ΕΝΟΙΚΙΑΖΕΤΑΙ διαμέρισμα. Τηλ. 821-040.

ΕΝΟΙΚΙΑΖΕΤΑΙ κατάστημα. Τηλ. 241-157.

ΕΝΟΙΚΙΑΖΕΤΑΙ	διαμέρισμα 2 δωματίων. Τηλ. 822-131.

ΕΝΟΙΚΙΑΖΕΤΑΙ γραφείο 110 μ2. Τηλ. 513-840.

ΕΝΟΙΚΙΑΖΕΤΑΙ διαμέρισμα. Τηλ. 530-279.

ΕΝΟΙΚΙΑΖΕΤΑΙ διαμέρισμα 60 μ2. Τηλ. 151.

ΕΝΟΙΚΙΑΖΕΤΑΙ κατάστημα. Τηλ. 272-960.

ΕΝΟΙΚΙΑΖΕΤΑΙ γραφείο. Τηλ. 212-440.

ΕΝΟΙΚΙΑΖΕΤΑΙ διαμέρισμα. Τηλ. 0392-41-607.

ΕΝΟΙΚΙΑΖΕΤΑΙ κατάστημα. Τηλ. 211-016.

ΕΝΟΙΚΙΑΖΕΤΑΙ διαμέρισμα. Τηλ. 515-897.

ΕΝΟΙΚΙΑΖΕΤΑΙ διαμέρισμα. Τηλ. 239-416.

ΕΝΟΙΚΙΑΖΕΤΑΙ γραφείο. Τηλ. 207-434.

ΕΝΟΙΚΙΑΖΕΤΑΙ διαμέρισμα 60 μ2. Τηλ. 515-897.

ΕΝΟΙΚΙΑΖΕΤΑΙ	διαμέρισμα 2 δωματίων. Τηλ. 202-410.

ΕΝΟΙΚΙΑΖΕΤΑΙ διαμέρισμα 2 ΣΤΡ. Τηλ. 225-114.

ΕΝΟΙΚΙΑΖΕΤΑΙ κατάστημα 210 τ.μ. Τηλ. 209-091.

ΕΝΟΙΚΙΑΖΕΤΑΙ διαμέρισμα. Τηλ. 523-002.

ΕΝΟΙΚΙΑΖΕΤΑΙ διαμέρισμα. Τηλ. 236-151.

ΕΝΟΙΚΙΑΖΕΤΑΙ διαμέρισμα. Τηλ. 231-899 και 311-222.

ΕΝΟΙΚΙΑΖΕΤΑΙ κατάστημα. Τηλ. 265-043.

ΕΝΟΙΚΙΑΖΕΤΑΙ μικρός χώρος. Τηλ. 636-836.

ΕΝΟΙΚΙΑΖΕΤΑΙ διαμέρισμα. Τηλ. 426-764.

ΕΝΟΙΚΙΑΖΕΤΑΙ γραφείο. Τηλ. 245-105.

ΕΝΟΙΚΙΑΖΕΤΑΙ κατάστημα. Τηλ. 625-620.

ΕΝΟΙΚΙΑΖΕΤΑΙ διαμέρισμα. Τηλ. 208-303.

ΕΝΟΙΚΙΑΖΕΤΑΙ γκαρσονιέρα. Τηλ. 242-420.

ΕΝΟΙΚΙΑΖΕΤΑΙ κατάστημα. Τηλ. 765-363.

ΕΝΟΙΚΙΑΖΕΤΑΙ διαμέρισμα. Τηλ. 260-060.

ΕΝΟΙΚΙΑΖΕΤΑΙ κατάστημα. Τηλ. 1.600.

ΠΑΝΟΡΑΜΑ ενοικιάζεται. Τηλ. 941-237.

ΕΝΟΙΚΙΑΖΕΤΑΙ διαμέρισμα. Τηλ. 209-081.

ΕΝΟΙΚΙΑΖΟΝΤΑΙ χώροι. Τηλ. 279-307.

ΕΝΟΙΚΙΑΖΕΤΑΙ κατάστημα. Τηλ. 491-081.

ΓΡΑΦΕΙΑ στο κέντρο. Τηλ. 208-729.

ΖΗΤΕΙΤΑΙ κοπέλα. Τηλ. 231-115.

ΕΝΟΙΚΙΑΖΕΤΑΙ διαμέρισμα. Τηλ. 238-773.

ΕΝΟΙΚΙΑΖΕΤΑΙ κατάστημα. Τηλ. 941-680.

ΕΝΟΙΚΙΑΖΕΤΑΙ διαμέρισμα. Τηλ. 262-407.

ΕΝΟΙΚΙΑΖΕΤΑΙ γραφείο. Τηλ. 833-364.

ΕΝΟΙΚΙΑΖΕΤΑΙ διαμέρισμα. Τηλ. 282-101.

ΖΗΤΑΩ γκαρσονιέρα. Τηλ. 279-860.

ΕΝΟΙΚΙΑΖΕΤΑΙ κατάστημα. Τηλ. 673-221.

ΕΝΟΙΚΙΑΖΕΤΑΙ διαμέρισμα. Τηλ. 307-830.

ΕΝΟΙΚΙΑΖΕΤΑΙ διαμέρισμα. Τηλ. 272-301.

ΠΡΟΣΦΟΡΑ ΕΡΓΑΣΙΑΣ

ΔΙΘΟΓΡΑΦΟΣ ζητείται επειγόντως για λιθογραφείο. Τηλ. 12 και 3 ώρες εργασίας. Τηλ. 221-616.

ΚΥΡΙΕΣ και δεσποινίδες. Τηλ. 817-722.

ΝΕΕΣ 17—22 ετών για εργασία. Τηλ. 836-705.

Η ΣΥΝΕΧΕΙΑ ΣΤΗ 17Η ΣΕΛΙΔΑ
